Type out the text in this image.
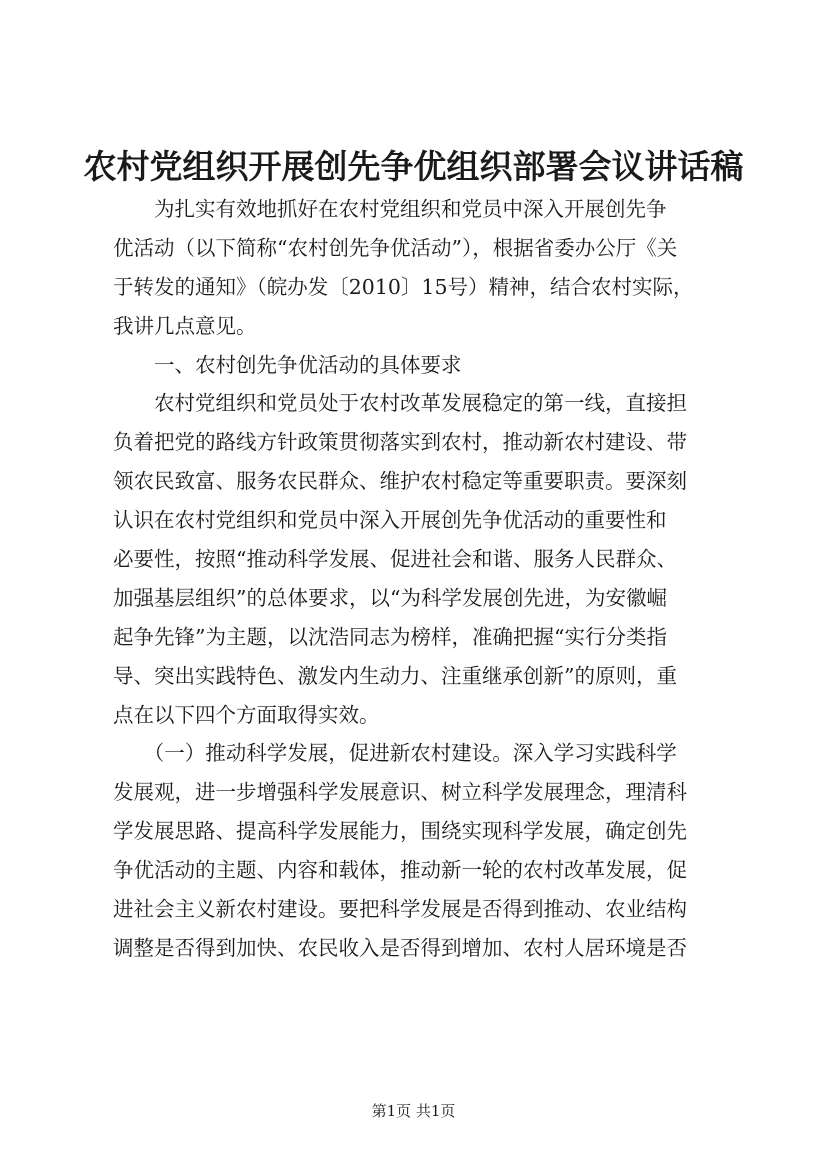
农村党组织开展创先争优组织部署会议讲话稿
　　为扎实有效地抓好在农村党组织和党员中深入开展创先争
优活动（以下简称“农村创先争优活动”），根据省委办公厅《关
于转发的通知》（皖办发〔2010〕15号）精神，结合农村实际，
我讲几点意见。
　　一、农村创先争优活动的具体要求
　　农村党组织和党员处于农村改革发展稳定的第一线，直接担
负着把党的路线方针政策贯彻落实到农村，推动新农村建设、带
领农民致富、服务农民群众、维护农村稳定等重要职责。要深刻
认识在农村党组织和党员中深入开展创先争优活动的重要性和
必要性，按照“推动科学发展、促进社会和谐、服务人民群众、
加强基层组织”的总体要求，以“为科学发展创先进，为安徽崛
起争先锋”为主题，以沈浩同志为榜样，准确把握“实行分类指
导、突出实践特色、激发内生动力、注重继承创新”的原则，重
点在以下四个方面取得实效。
　　（一）推动科学发展，促进新农村建设。深入学习实践科学
发展观，进一步增强科学发展意识、树立科学发展理念，理清科
学发展思路、提高科学发展能力，围绕实现科学发展，确定创先
争优活动的主题、内容和载体，推动新一轮的农村改革发展，促
进社会主义新农村建设。要把科学发展是否得到推动、农业结构
调整是否得到加快、农民收入是否得到增加、农村人居环境是否
第1页 共1页
